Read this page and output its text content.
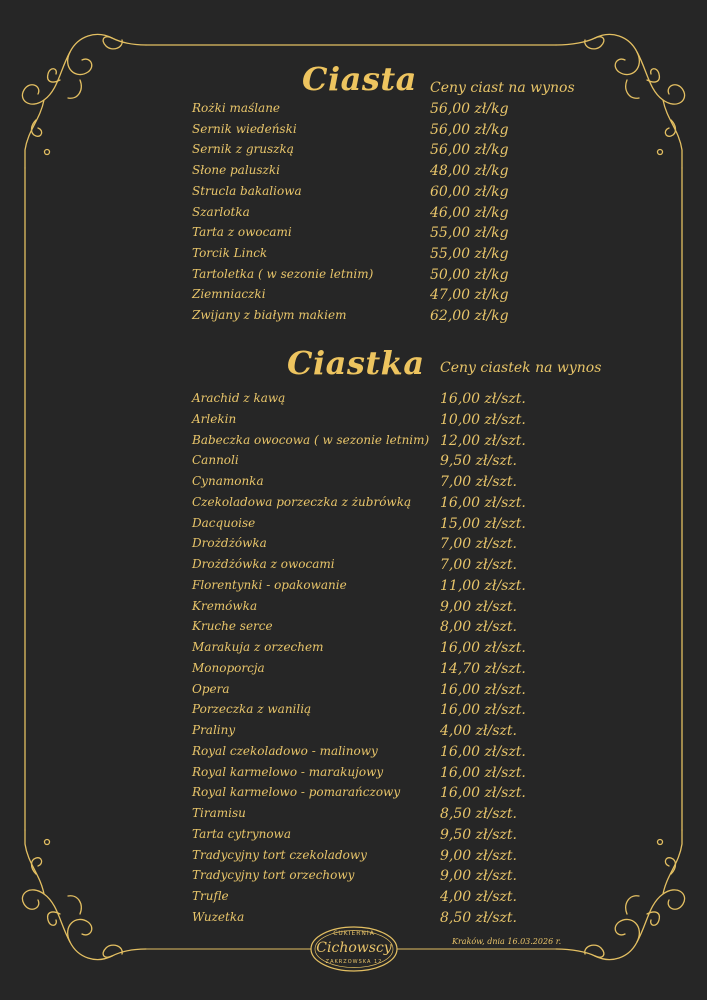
Ciasta Ceny ciast na wynos
Rożki maślane	56,00 zł/kg
Sernik wiedeński	56,00 zł/kg
Sernik z gruszką	56,00 zł/kg
Słone paluszki	48,00 zł/kg
Strucla bakaliowa	60,00 zł/kg
Szarlotka	46,00 zł/kg
Tarta z owocami	55,00 zł/kg
Torcik Linck	55,00 zł/kg
Tartoletka ( w sezonie letnim)	50,00 zł/kg
Ziemniaczki	47,00 zł/kg
Zwijany z białym makiem	62,00 zł/kg
Ciastka Ceny ciastek na wynos
Arachid z kawą	16,00 zł/szt.
Arlekin	10,00 zł/szt.
Babeczka owocowa ( w sezonie letnim) 12,00 zł/szt.
Cannoli	9,50 zł/szt.
Cynamonka	7,00 zł/szt.
Czekoladowa porzeczka z żubrówką 16,00 zł/szt.
Dacquoise	15,00 zł/szt.
Drożdżówka	7,00 zł/szt.
Drożdżówka z owocami	7,00 zł/szt.
Florentynki - opakowanie	11,00 zł/szt.
Kremówka	9,00 zł/szt.
Kruche serce	8,00 zł/szt.
Marakuja z orzechem	16,00 zł/szt.
Monoporcja	14,70 zł/szt.
Opera	16,00 zł/szt.
Porzeczka z wanilią	16,00 zł/szt.
Praliny	4,00 zł/szt.
Royal czekoladowo - malinowy	16,00 zł/szt.
Royal karmelowo - marakujowy	16,00 zł/szt.
Royal karmelowo - pomarańczowy	16,00 zł/szt.
Tiramisu	8,50 zł/szt.
Tarta cytrynowa	9,50 zł/szt.
Tradycyjny tort czekoladowy	9,00 zł/szt.
Tradycyjny tort orzechowy	9,00 zł/szt.
Trufle	4,00 zł/szt.
Wuzetka	8,50 zł/szt.
CUKIERNIA
Cichowscy
ZAKRZOWSKA 12
Kraków, dnia 16.03.2026 r.
